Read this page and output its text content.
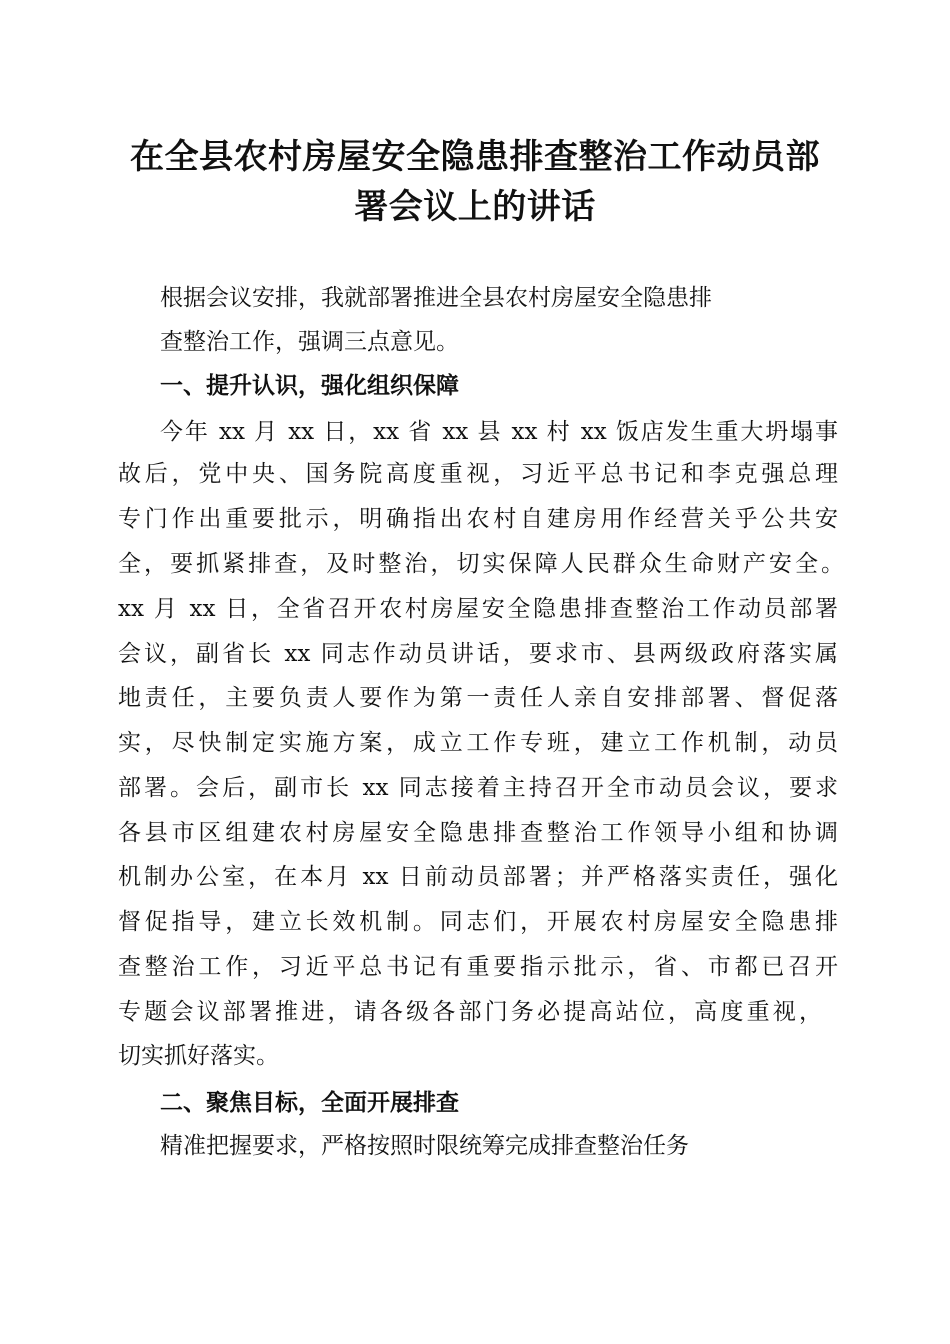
在全县农村房屋安全隐患排查整治工作动员部
署会议上的讲话
根据会议安排，我就部署推进全县农村房屋安全隐患排
查整治工作，强调三点意见。
一、提升认识，强化组织保障
今年 xx 月 xx 日，xx 省 xx 县 xx 村 xx 饭店发生重大坍塌事
故后，党中央、国务院高度重视，习近平总书记和李克强总理
专门作出重要批示，明确指出农村自建房用作经营关乎公共安
全，要抓紧排查，及时整治，切实保障人民群众生命财产安全。
xx 月 xx 日，全省召开农村房屋安全隐患排查整治工作动员部署
会议，副省长 xx 同志作动员讲话，要求市、县两级政府落实属
地责任，主要负责人要作为第一责任人亲自安排部署、督促落
实，尽快制定实施方案，成立工作专班，建立工作机制，动员
部署。会后，副市长 xx 同志接着主持召开全市动员会议，要求
各县市区组建农村房屋安全隐患排查整治工作领导小组和协调
机制办公室，在本月 xx 日前动员部署；并严格落实责任，强化
督促指导，建立长效机制。同志们，开展农村房屋安全隐患排
查整治工作，习近平总书记有重要指示批示，省、市都已召开
专题会议部署推进，请各级各部门务必提高站位，高度重视，
切实抓好落实。
二、聚焦目标，全面开展排查
精准把握要求，严格按照时限统筹完成排查整治任务
